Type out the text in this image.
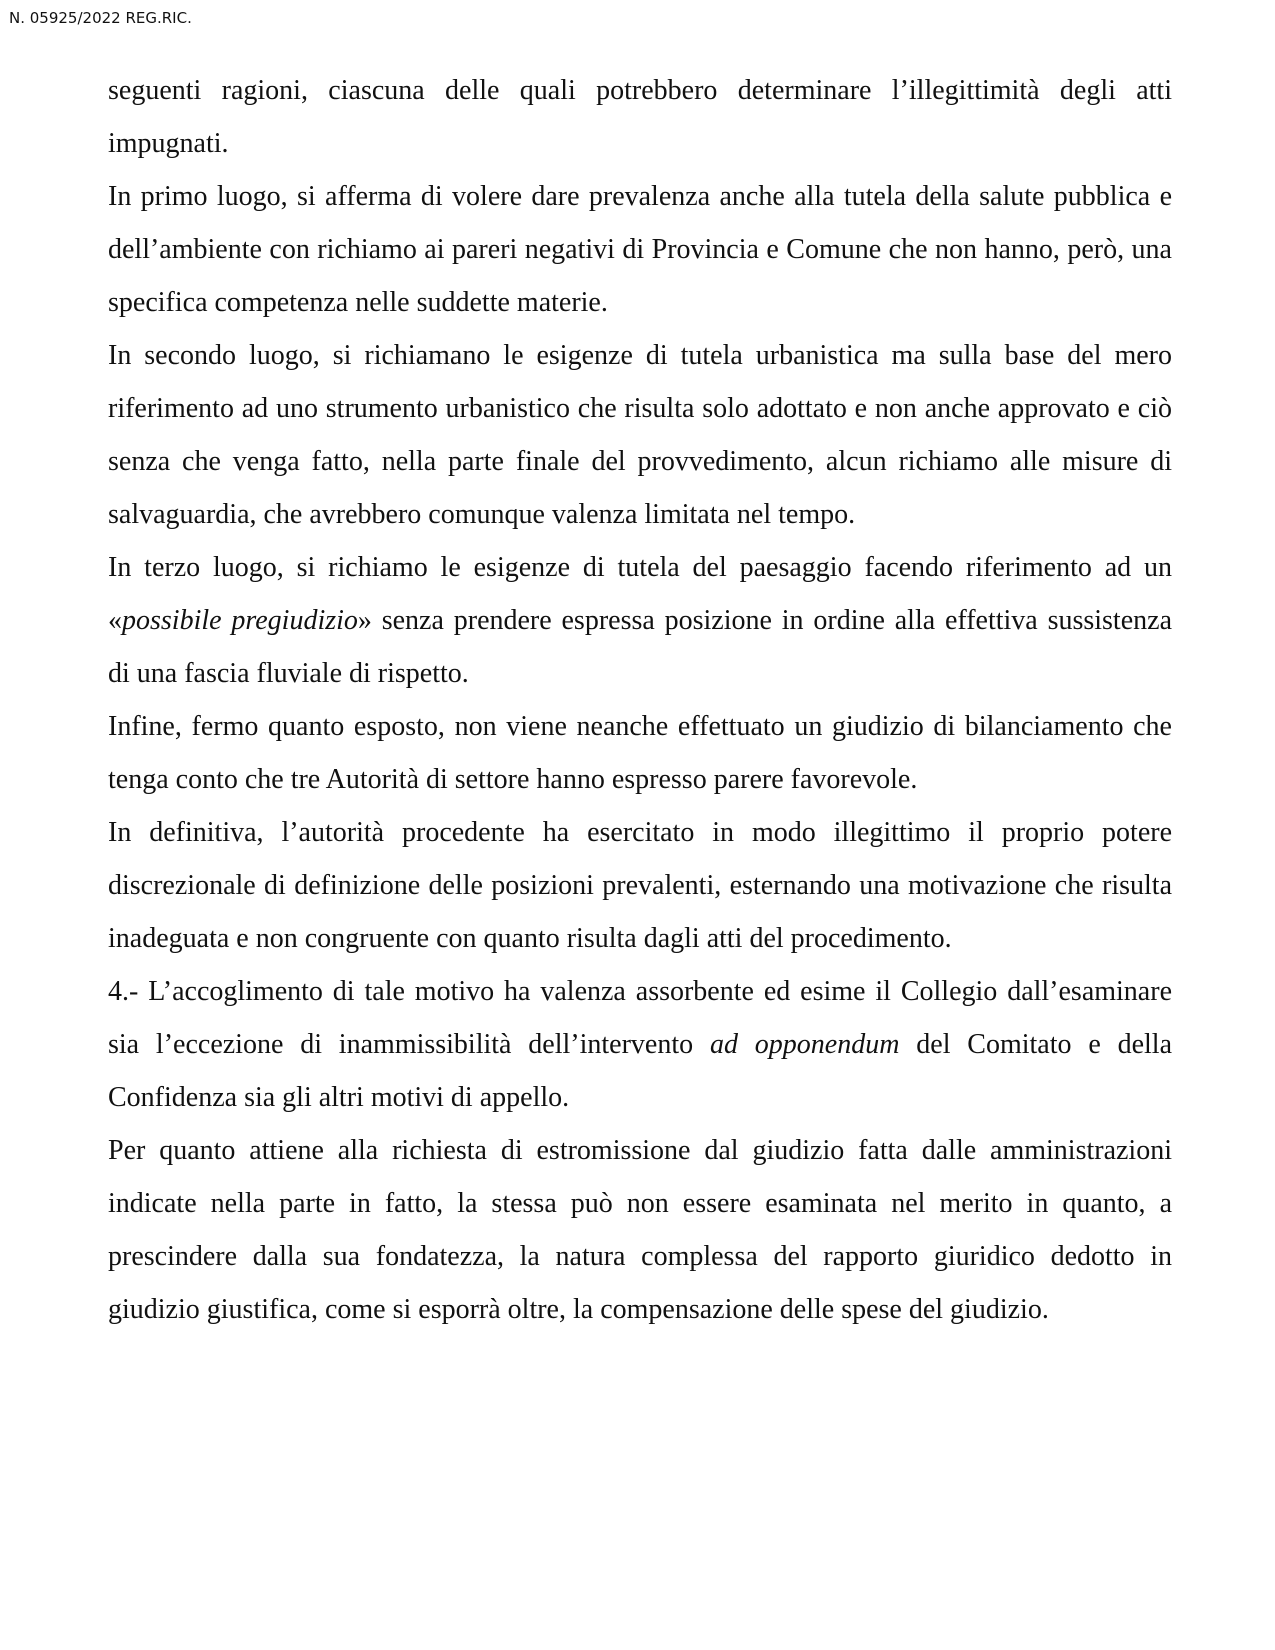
N. 05925/2022 REG.RIC.

seguenti ragioni, ciascuna delle quali potrebbero determinare l’illegittimità degli atti impugnati.

In primo luogo, si afferma di volere dare prevalenza anche alla tutela della salute pubblica e dell’ambiente con richiamo ai pareri negativi di Provincia e Comune che non hanno, però, una specifica competenza nelle suddette materie.

In secondo luogo, si richiamano le esigenze di tutela urbanistica ma sulla base del mero riferimento ad uno strumento urbanistico che risulta solo adottato e non anche approvato e ciò senza che venga fatto, nella parte finale del provvedimento, alcun richiamo alle misure di salvaguardia, che avrebbero comunque valenza limitata nel tempo.

In terzo luogo, si richiamo le esigenze di tutela del paesaggio facendo riferimento ad un «possibile pregiudizio» senza prendere espressa posizione in ordine alla effettiva sussistenza di una fascia fluviale di rispetto.

Infine, fermo quanto esposto, non viene neanche effettuato un giudizio di bilanciamento che tenga conto che tre Autorità di settore hanno espresso parere favorevole.

In definitiva, l’autorità procedente ha esercitato in modo illegittimo il proprio potere discrezionale di definizione delle posizioni prevalenti, esternando una motivazione che risulta inadeguata e non congruente con quanto risulta dagli atti del procedimento.

4.- L’accoglimento di tale motivo ha valenza assorbente ed esime il Collegio dall’esaminare sia l’eccezione di inammissibilità dell’intervento ad opponendum del Comitato e della Confidenza sia gli altri motivi di appello.

Per quanto attiene alla richiesta di estromissione dal giudizio fatta dalle amministrazioni indicate nella parte in fatto, la stessa può non essere esaminata nel merito in quanto, a prescindere dalla sua fondatezza, la natura complessa del rapporto giuridico dedotto in giudizio giustifica, come si esporrà oltre, la compensazione delle spese del giudizio.
